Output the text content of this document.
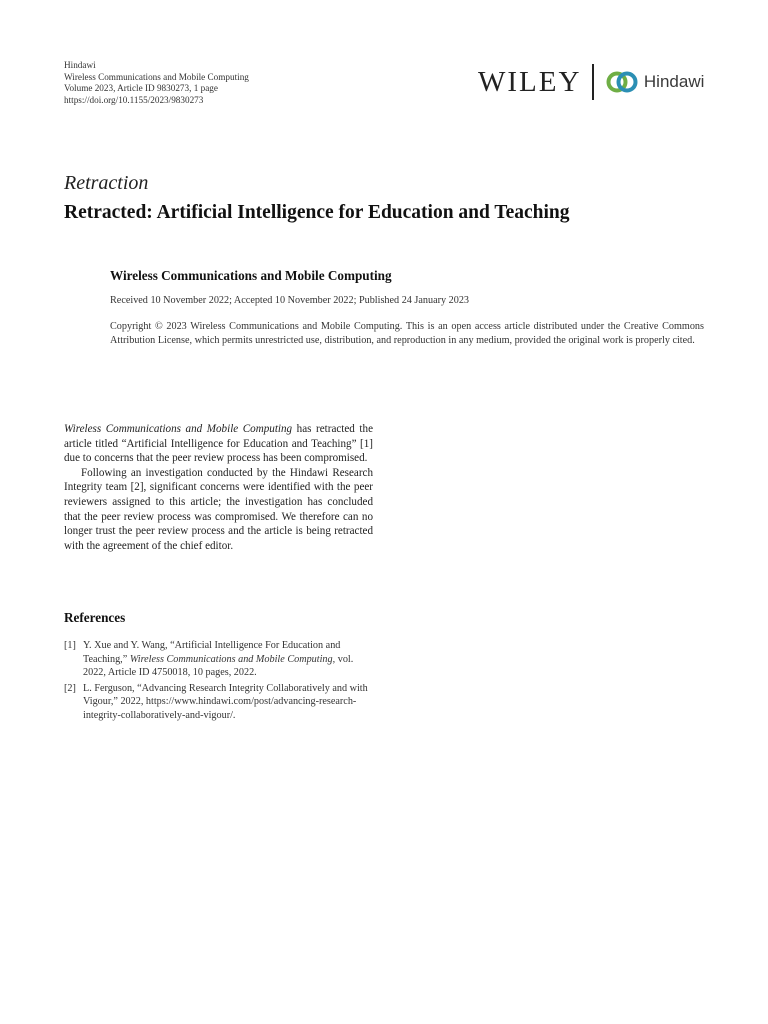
Hindawi
Wireless Communications and Mobile Computing
Volume 2023, Article ID 9830273, 1 page
https://doi.org/10.1155/2023/9830273
WILEY	Hindawi
Retraction
Retracted: Artificial Intelligence for Education and Teaching
Wireless Communications and Mobile Computing
Received 10 November 2022; Accepted 10 November 2022; Published 24 January 2023
Copyright © 2023 Wireless Communications and Mobile Computing. This is an open access article distributed under the Creative Commons Attribution License, which permits unrestricted use, distribution, and reproduction in any medium, provided the original work is properly cited.

Wireless Communications and Mobile Computing has retracted the article titled “Artificial Intelligence for Education and Teaching” [1] due to concerns that the peer review process has been compromised.

Following an investigation conducted by the Hindawi Research Integrity team [2], significant concerns were identified with the peer reviewers assigned to this article; the investigation has concluded that the peer review process was compromised. We therefore can no longer trust the peer review process and the article is being retracted with the agreement of the chief editor.

References
[1] Y. Xue and Y. Wang, “Artificial Intelligence For Education and Teaching,” Wireless Communications and Mobile Computing, vol. 2022, Article ID 4750018, 10 pages, 2022.
[2] L. Ferguson, “Advancing Research Integrity Collaboratively and with Vigour,” 2022, https://www.hindawi.com/post/advancing-research-integrity-collaboratively-and-vigour/.
